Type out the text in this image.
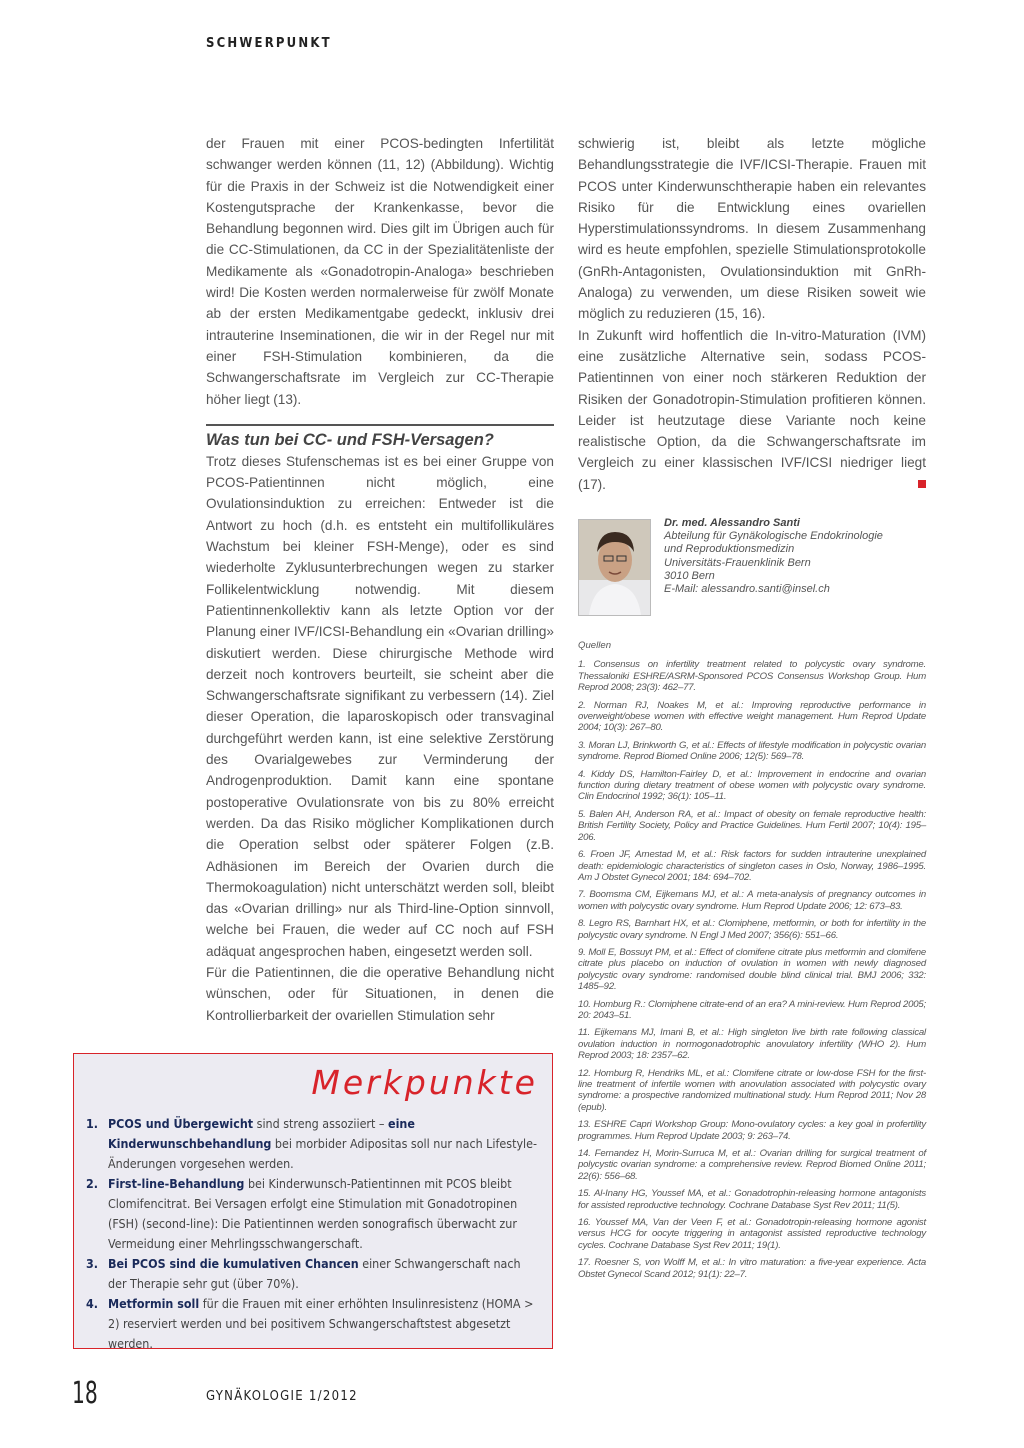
SCHWERPUNKT

der Frauen mit einer PCOS-bedingten Infertilität schwanger werden können (11, 12) (Abbildung). Wichtig für die Praxis in der Schweiz ist die Notwendigkeit einer Kostengutsprache der Krankenkasse, bevor die Behandlung begonnen wird. Dies gilt im Übrigen auch für die CC-Stimulationen, da CC in der Spezialitätenliste der Medikamente als «Gonadotropin-Analoga» beschrieben wird! Die Kosten werden normalerweise für zwölf Monate ab der ersten Medikamentgabe gedeckt, inklusiv drei intrauterine Inseminationen, die wir in der Regel nur mit einer FSH-Stimulation kombinieren, da die Schwangerschaftsrate im Vergleich zur CC-Therapie höher liegt (13).

Was tun bei CC- und FSH-Versagen?

Trotz dieses Stufenschemas ist es bei einer Gruppe von PCOS-Patientinnen nicht möglich, eine Ovulationsinduktion zu erreichen: Entweder ist die Antwort zu hoch (d.h. es entsteht ein multifollikuläres Wachstum bei kleiner FSH-Menge), oder es sind wiederholte Zyklusunterbrechungen wegen zu starker Follikelentwicklung notwendig. Mit diesem Patientinnenkollektiv kann als letzte Option vor der Planung einer IVF/ICSI-Behandlung ein «Ovarian drilling» diskutiert werden. Diese chirurgische Methode wird derzeit noch kontrovers beurteilt, sie scheint aber die Schwangerschaftsrate signifikant zu verbessern (14). Ziel dieser Operation, die laparoskopisch oder transvaginal durchgeführt werden kann, ist eine selektive Zerstörung des Ovarialgewebes zur Verminderung der Androgenproduktion. Damit kann eine spontane postoperative Ovulationsrate von bis zu 80% erreicht werden. Da das Risiko möglicher Komplikationen durch die Operation selbst oder späterer Folgen (z.B. Adhäsionen im Bereich der Ovarien durch die Thermokoagulation) nicht unterschätzt werden soll, bleibt das «Ovarian drilling» nur als Third-line-Option sinnvoll, welche bei Frauen, die weder auf CC noch auf FSH adäquat angesprochen haben, eingesetzt werden soll.

Für die Patientinnen, die die operative Behandlung nicht wünschen, oder für Situationen, in denen die Kontrollierbarkeit der ovariellen Stimulation sehr

schwierig ist, bleibt als letzte mögliche Behandlungsstrategie die IVF/ICSI-Therapie. Frauen mit PCOS unter Kinderwunschtherapie haben ein relevantes Risiko für die Entwicklung eines ovariellen Hyperstimulationssyndroms. In diesem Zusammenhang wird es heute empfohlen, spezielle Stimulationsprotokolle (GnRh-Antagonisten, Ovulationsinduktion mit GnRh-Analoga) zu verwenden, um diese Risiken soweit wie möglich zu reduzieren (15, 16).

In Zukunft wird hoffentlich die In-vitro-Maturation (IVM) eine zusätzliche Alternative sein, sodass PCOS-Patientinnen von einer noch stärkeren Reduktion der Risiken der Gonadotropin-Stimulation profitieren können. Leider ist heutzutage diese Variante noch keine realistische Option, da die Schwangerschaftsrate im Vergleich zu einer klassischen IVF/ICSI niedriger liegt (17).

Dr. med. Alessandro Santi
Abteilung für Gynäkologische Endokrinologie
und Reproduktionsmedizin
Universitäts-Frauenklinik Bern
3010 Bern
E-Mail: alessandro.santi@insel.ch
Quellen
1. Consensus on infertility treatment related to polycystic ovary syndrome. Thessaloniki ESHRE/ASRM-Sponsored PCOS Consensus Workshop Group. Hum Reprod 2008; 23(3): 462–77.
2. Norman RJ, Noakes M, et al.: Improving reproductive performance in overweight/obese women with effective weight management. Hum Reprod Update 2004; 10(3): 267–80.
3. Moran LJ, Brinkworth G, et al.: Effects of lifestyle modification in polycystic ovarian syndrome. Reprod Biomed Online 2006; 12(5): 569–78.
4. Kiddy DS, Hamilton-Fairley D, et al.: Improvement in endocrine and ovarian function during dietary treatment of obese women with polycystic ovary syndrome. Clin Endocrinol 1992; 36(1): 105–11.
5. Balen AH, Anderson RA, et al.: Impact of obesity on female reproductive health: British Fertility Society, Policy and Practice Guidelines. Hum Fertil 2007; 10(4): 195–206.
6. Froen JF, Arnestad M, et al.: Risk factors for sudden intrauterine unexplained death: epidemiologic characteristics of singleton cases in Oslo, Norway, 1986–1995. Am J Obstet Gynecol 2001; 184: 694–702.
7. Boomsma CM, Eijkemans MJ, et al.: A meta-analysis of pregnancy outcomes in women with polycystic ovary syndrome. Hum Reprod Update 2006; 12: 673–83.
8. Legro RS, Barnhart HX, et al.: Clomiphene, metformin, or both for infertility in the polycystic ovary syndrome. N Engl J Med 2007; 356(6): 551–66.
9. Moll E, Bossuyt PM, et al.: Effect of clomifene citrate plus metformin and clomifene citrate plus placebo on induction of ovulation in women with newly diagnosed polycystic ovary syndrome: randomised double blind clinical trial. BMJ 2006; 332: 1485–92.
10. Homburg R.: Clomiphene citrate-end of an era? A mini-review. Hum Reprod 2005; 20: 2043–51.
11. Eijkemans MJ, Imani B, et al.: High singleton live birth rate following classical ovulation induction in normogonadotrophic anovulatory infertility (WHO 2). Hum Reprod 2003; 18: 2357–62.
12. Homburg R, Hendriks ML, et al.: Clomifene citrate or low-dose FSH for the first-line treatment of infertile women with anovulation associated with polycystic ovary syndrome: a prospective randomized multinational study. Hum Reprod 2011; Nov 28 (epub).
13. ESHRE Capri Workshop Group: Mono-ovulatory cycles: a key goal in profertility programmes. Hum Reprod Update 2003; 9: 263–74.
14. Fernandez H, Morin-Surruca M, et al.: Ovarian drilling for surgical treatment of polycystic ovarian syndrome: a comprehensive review. Reprod Biomed Online 2011; 22(6): 556–68.
15. Al-Inany HG, Youssef MA, et al.: Gonadotrophin-releasing hormone antagonists for assisted reproductive technology. Cochrane Database Syst Rev 2011; 11(5).
16. Youssef MA, Van der Veen F, et al.: Gonadotropin-releasing hormone agonist versus HCG for oocyte triggering in antagonist assisted reproductive technology cycles. Cochrane Database Syst Rev 2011; 19(1).
17. Roesner S, von Wolff M, et al.: In vitro maturation: a five-year experience. Acta Obstet Gynecol Scand 2012; 91(1): 22–7.
Merkpunkte
1. PCOS und Übergewicht sind streng assoziiert – eine Kinderwunschbehandlung bei morbider Adipositas soll nur nach Lifestyle-Änderungen vorgesehen werden.
2. First-line-Behandlung bei Kinderwunsch-Patientinnen mit PCOS bleibt Clomifencitrat. Bei Versagen erfolgt eine Stimulation mit Gonadotropinen (FSH) (second-line): Die Patientinnen werden sonografisch überwacht zur Vermeidung einer Mehrlingsschwangerschaft.
3. Bei PCOS sind die kumulativen Chancen einer Schwangerschaft nach der Therapie sehr gut (über 70%).
4. Metformin soll für die Frauen mit einer erhöhten Insulinresistenz (HOMA > 2) reserviert werden und bei positivem Schwangerschaftstest abgesetzt werden.
18	GYNÄKOLOGIE 1/2012
